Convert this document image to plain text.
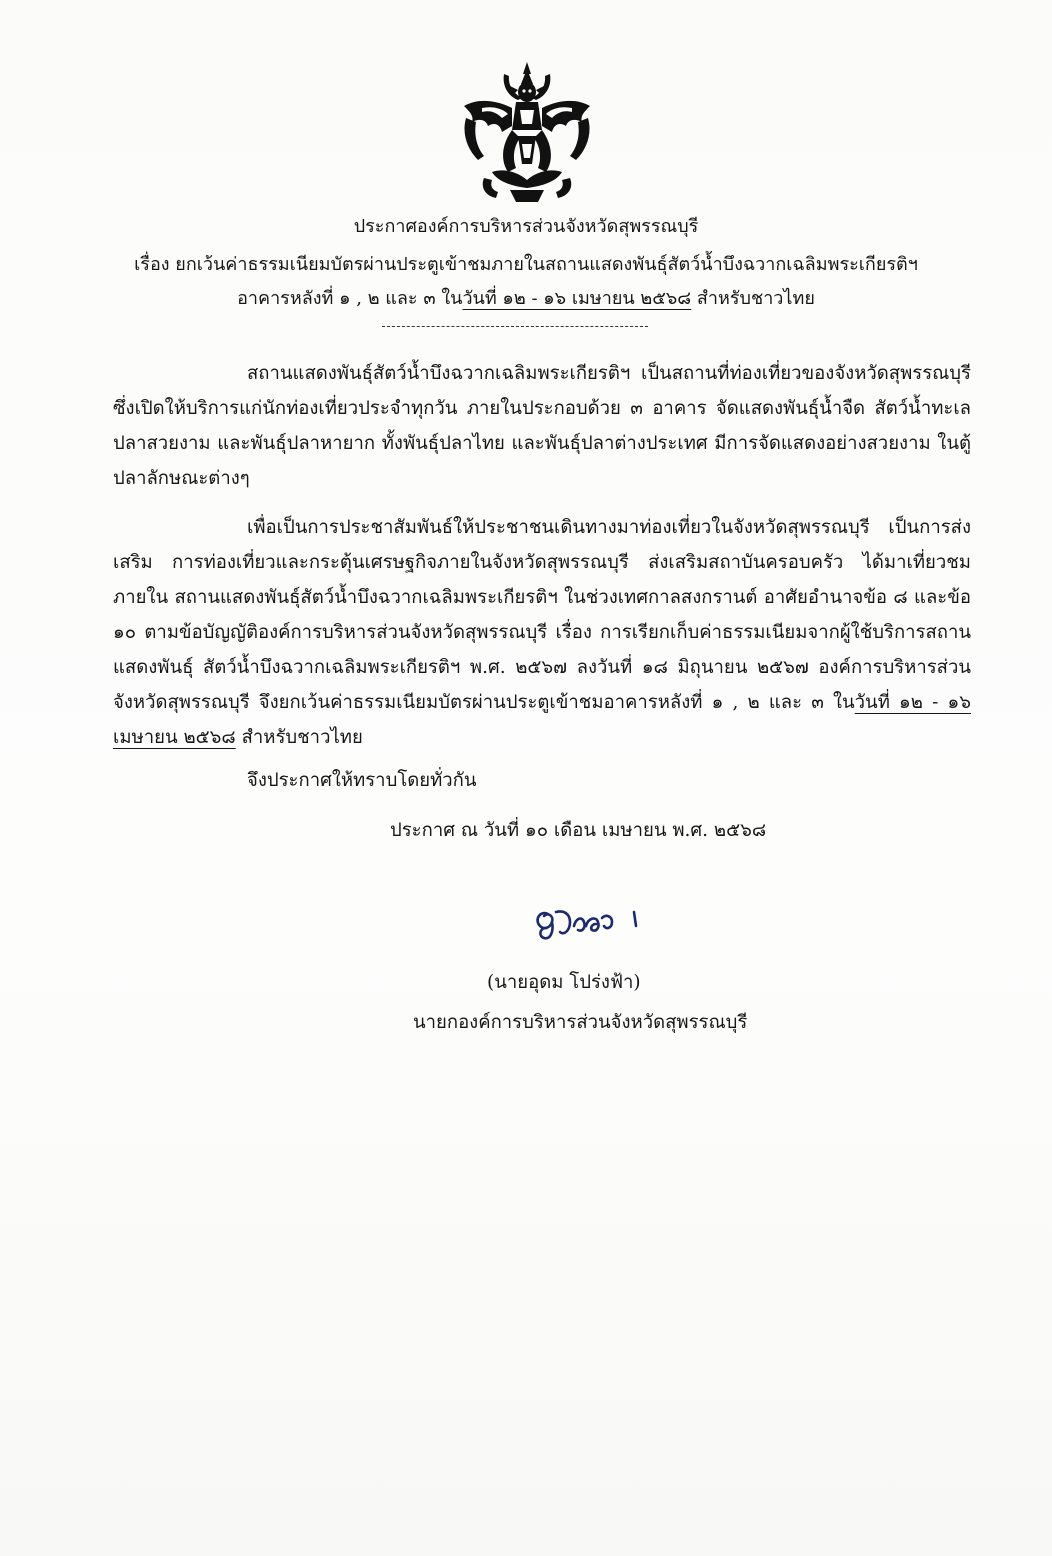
ประกาศองค์การบริหารส่วนจังหวัดสุพรรณบุรี
เรื่อง ยกเว้นค่าธรรมเนียมบัตรผ่านประตูเข้าชมภายในสถานแสดงพันธุ์สัตว์น้ำบึงฉวากเฉลิมพระเกียรติฯ
อาคารหลังที่ ๑ , ๒ และ ๓ ในวันที่ ๑๒ - ๑๖ เมษายน ๒๕๖๘ สำหรับชาวไทย

สถานแสดงพันธุ์สัตว์น้ำบึงฉวากเฉลิมพระเกียรติฯ เป็นสถานที่ท่องเที่ยวของจังหวัดสุพรรณบุรี ซึ่งเปิดให้บริการแก่นักท่องเที่ยวประจำทุกวัน ภายในประกอบด้วย ๓ อาคาร จัดแสดงพันธุ์น้ำจืด สัตว์น้ำทะเล ปลาสวยงาม และพันธุ์ปลาหายาก ทั้งพันธุ์ปลาไทย และพันธุ์ปลาต่างประเทศ มีการจัดแสดงอย่างสวยงาม ในตู้ปลาลักษณะต่างๆ

เพื่อเป็นการประชาสัมพันธ์ให้ประชาชนเดินทางมาท่องเที่ยวในจังหวัดสุพรรณบุรี เป็นการส่งเสริม การท่องเที่ยวและกระตุ้นเศรษฐกิจภายในจังหวัดสุพรรณบุรี ส่งเสริมสถาบันครอบครัว ได้มาเที่ยวชมภายใน สถานแสดงพันธุ์สัตว์น้ำบึงฉวากเฉลิมพระเกียรติฯ ในช่วงเทศกาลสงกรานต์ อาศัยอำนาจข้อ ๘ และข้อ ๑๐ ตามข้อบัญญัติองค์การบริหารส่วนจังหวัดสุพรรณบุรี เรื่อง การเรียกเก็บค่าธรรมเนียมจากผู้ใช้บริการสถานแสดงพันธุ์ สัตว์น้ำบึงฉวากเฉลิมพระเกียรติฯ พ.ศ. ๒๕๖๗ ลงวันที่ ๑๘ มิถุนายน ๒๕๖๗ องค์การบริหารส่วนจังหวัดสุพรรณบุรี จึงยกเว้นค่าธรรมเนียมบัตรผ่านประตูเข้าชมอาคารหลังที่ ๑ , ๒ และ ๓ ในวันที่ ๑๒ - ๑๖ เมษายน ๒๕๖๘ สำหรับชาวไทย

จึงประกาศให้ทราบโดยทั่วกัน
ประกาศ ณ วันที่ ๑๐ เดือน เมษายน พ.ศ. ๒๕๖๘
(นายอุดม โปร่งฟ้า)
นายกองค์การบริหารส่วนจังหวัดสุพรรณบุรี
